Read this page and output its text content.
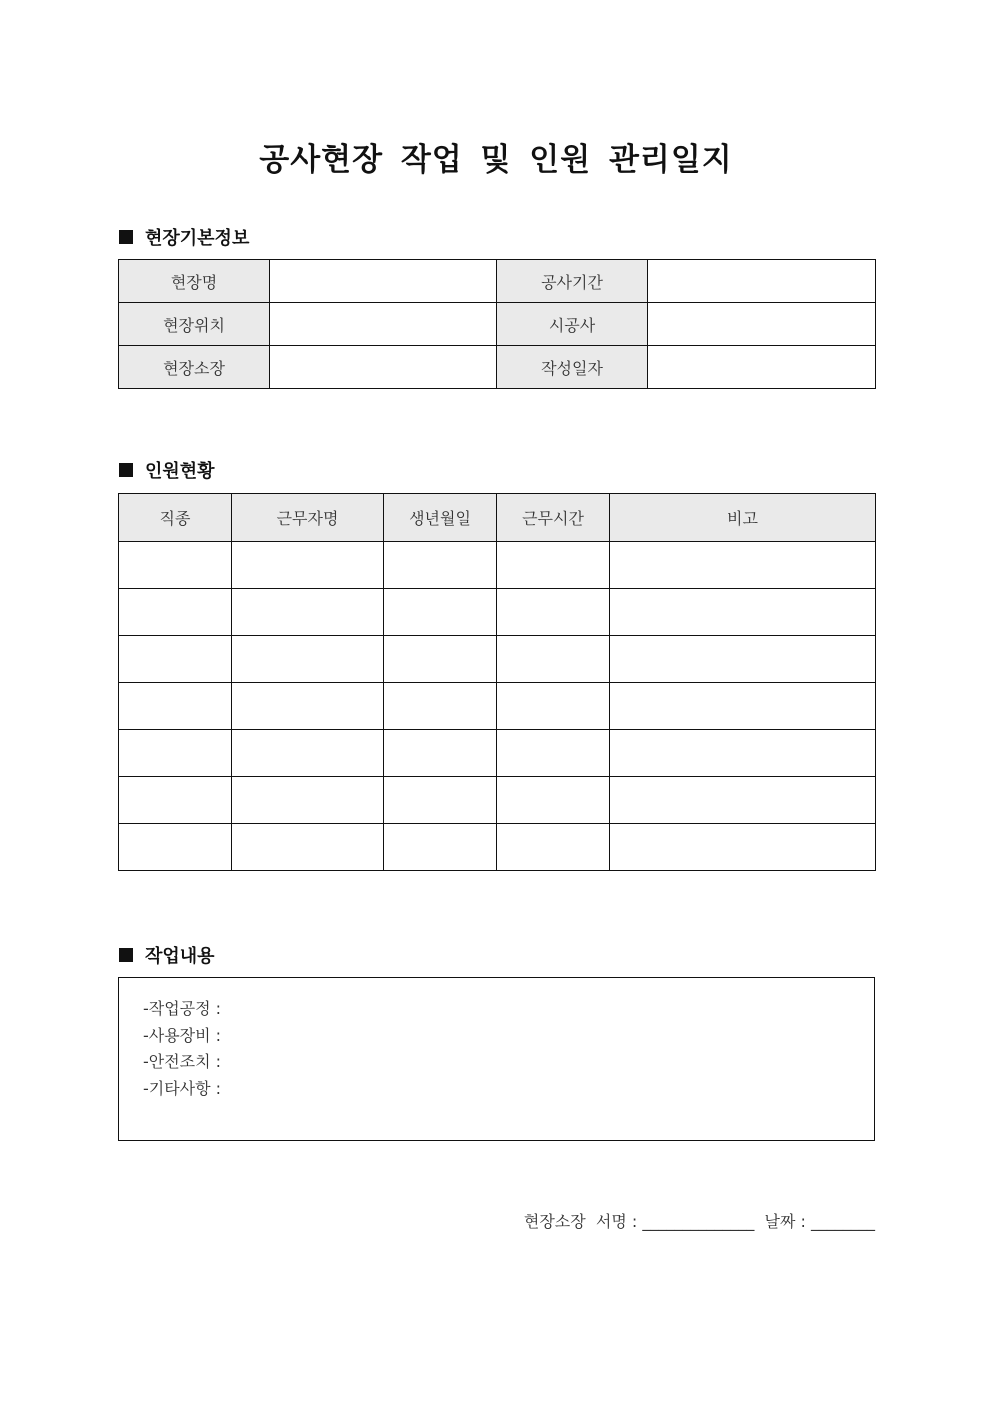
공사현장 작업 및 인원 관리일지
현장기본정보
현장명		공사기간	
현장위치		시공사	
현장소장		작성일자	
인원현황
직종	근무자명	생년월일	근무시간	비고

작업내용
-작업공정 :
-사용장비 :
-안전조치 :
-기타사항 :
현장소장  서명 : ______________  날짜 : ________
